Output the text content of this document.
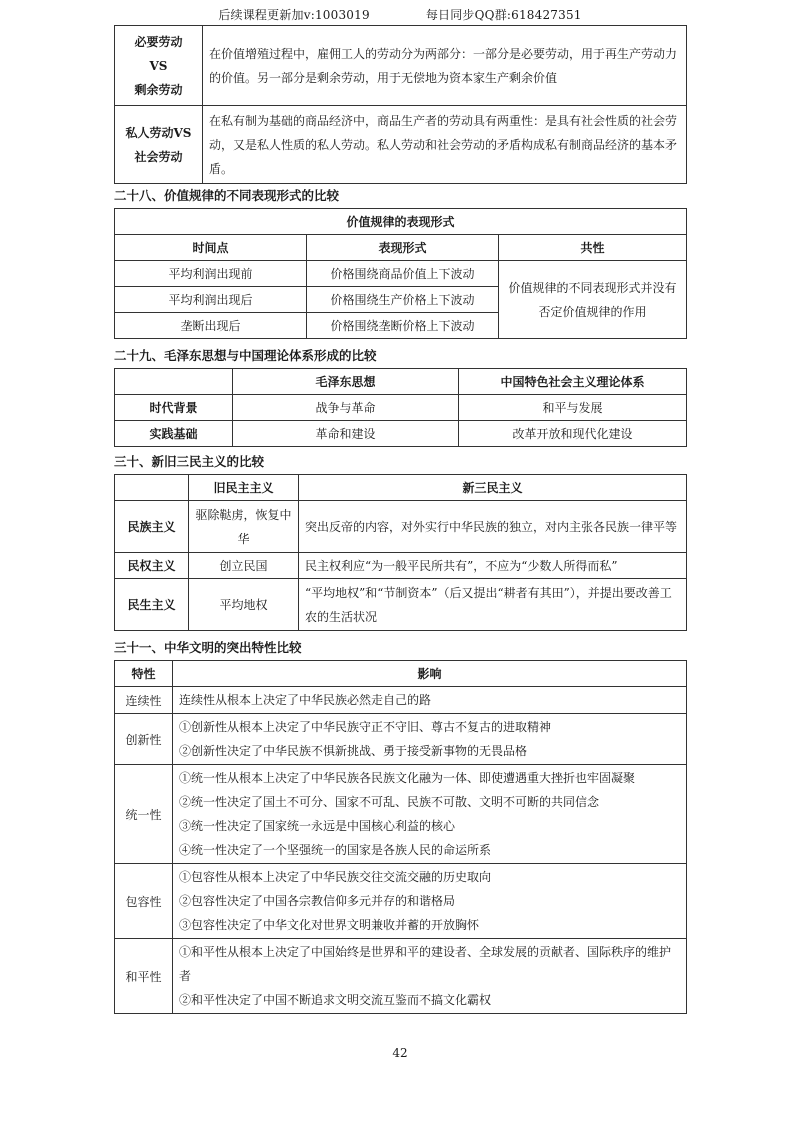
后续课程更新加v:1003019	每日同步QQ群:618427351
必要劳动
VS
剩余劳动	在价值增殖过程中，雇佣工人的劳动分为两部分：一部分是必要劳动，用于再生产劳动力的价值。另一部分是剩余劳动，用于无偿地为资本家生产剩余价值

私人劳动VS
社会劳动	在私有制为基础的商品经济中，商品生产者的劳动具有两重性：是具有社会性质的社会劳动，又是私人性质的私人劳动。私人劳动和社会劳动的矛盾构成私有制商品经济的基本矛盾。
二十八、价值规律的不同表现形式的比较
价值规律的表现形式		
时间点	表现形式	共性
平均利润出现前	价格围绕商品价值上下波动	价值规律的不同表现形式并没有否定价值规律的作用
平均利润出现后	价格围绕生产价格上下波动	
垄断出现后	价格围绕垄断价格上下波动	
二十九、毛泽东思想与中国理论体系形成的比较
	毛泽东思想	中国特色社会主义理论体系
时代背景	战争与革命	和平与发展
实践基础	革命和建设	改革开放和现代化建设
三十、新旧三民主义的比较
	旧民主主义	新三民主义
民族主义	驱除鞑虏，恢复中华	突出反帝的内容，对外实行中华民族的独立，对内主张各民族一律平等
民权主义	创立民国	民主权利应“为一般平民所共有”，不应为“少数人所得而私”
民生主义	平均地权	“平均地权”和“节制资本”（后又提出“耕者有其田”），并提出要改善工农的生活状况
三十一、中华文明的突出特性比较
特性	影响
连续性	连续性从根本上决定了中华民族必然走自己的路

创新性	①创新性从根本上决定了中华民族守正不守旧、尊古不复古的进取精神
②创新性决定了中华民族不惧新挑战、勇于接受新事物的无畏品格

统一性	①统一性从根本上决定了中华民族各民族文化融为一体、即使遭遇重大挫折也牢固凝聚
②统一性决定了国土不可分、国家不可乱、民族不可散、文明不可断的共同信念
③统一性决定了国家统一永远是中国核心利益的核心
④统一性决定了一个坚强统一的国家是各族人民的命运所系

包容性	①包容性从根本上决定了中华民族交往交流交融的历史取向
②包容性决定了中国各宗教信仰多元并存的和谐格局
③包容性决定了中华文化对世界文明兼收并蓄的开放胸怀

和平性	①和平性从根本上决定了中国始终是世界和平的建设者、全球发展的贡献者、国际秩序的维护者
②和平性决定了中国不断追求文明交流互鉴而不搞文化霸权
42
